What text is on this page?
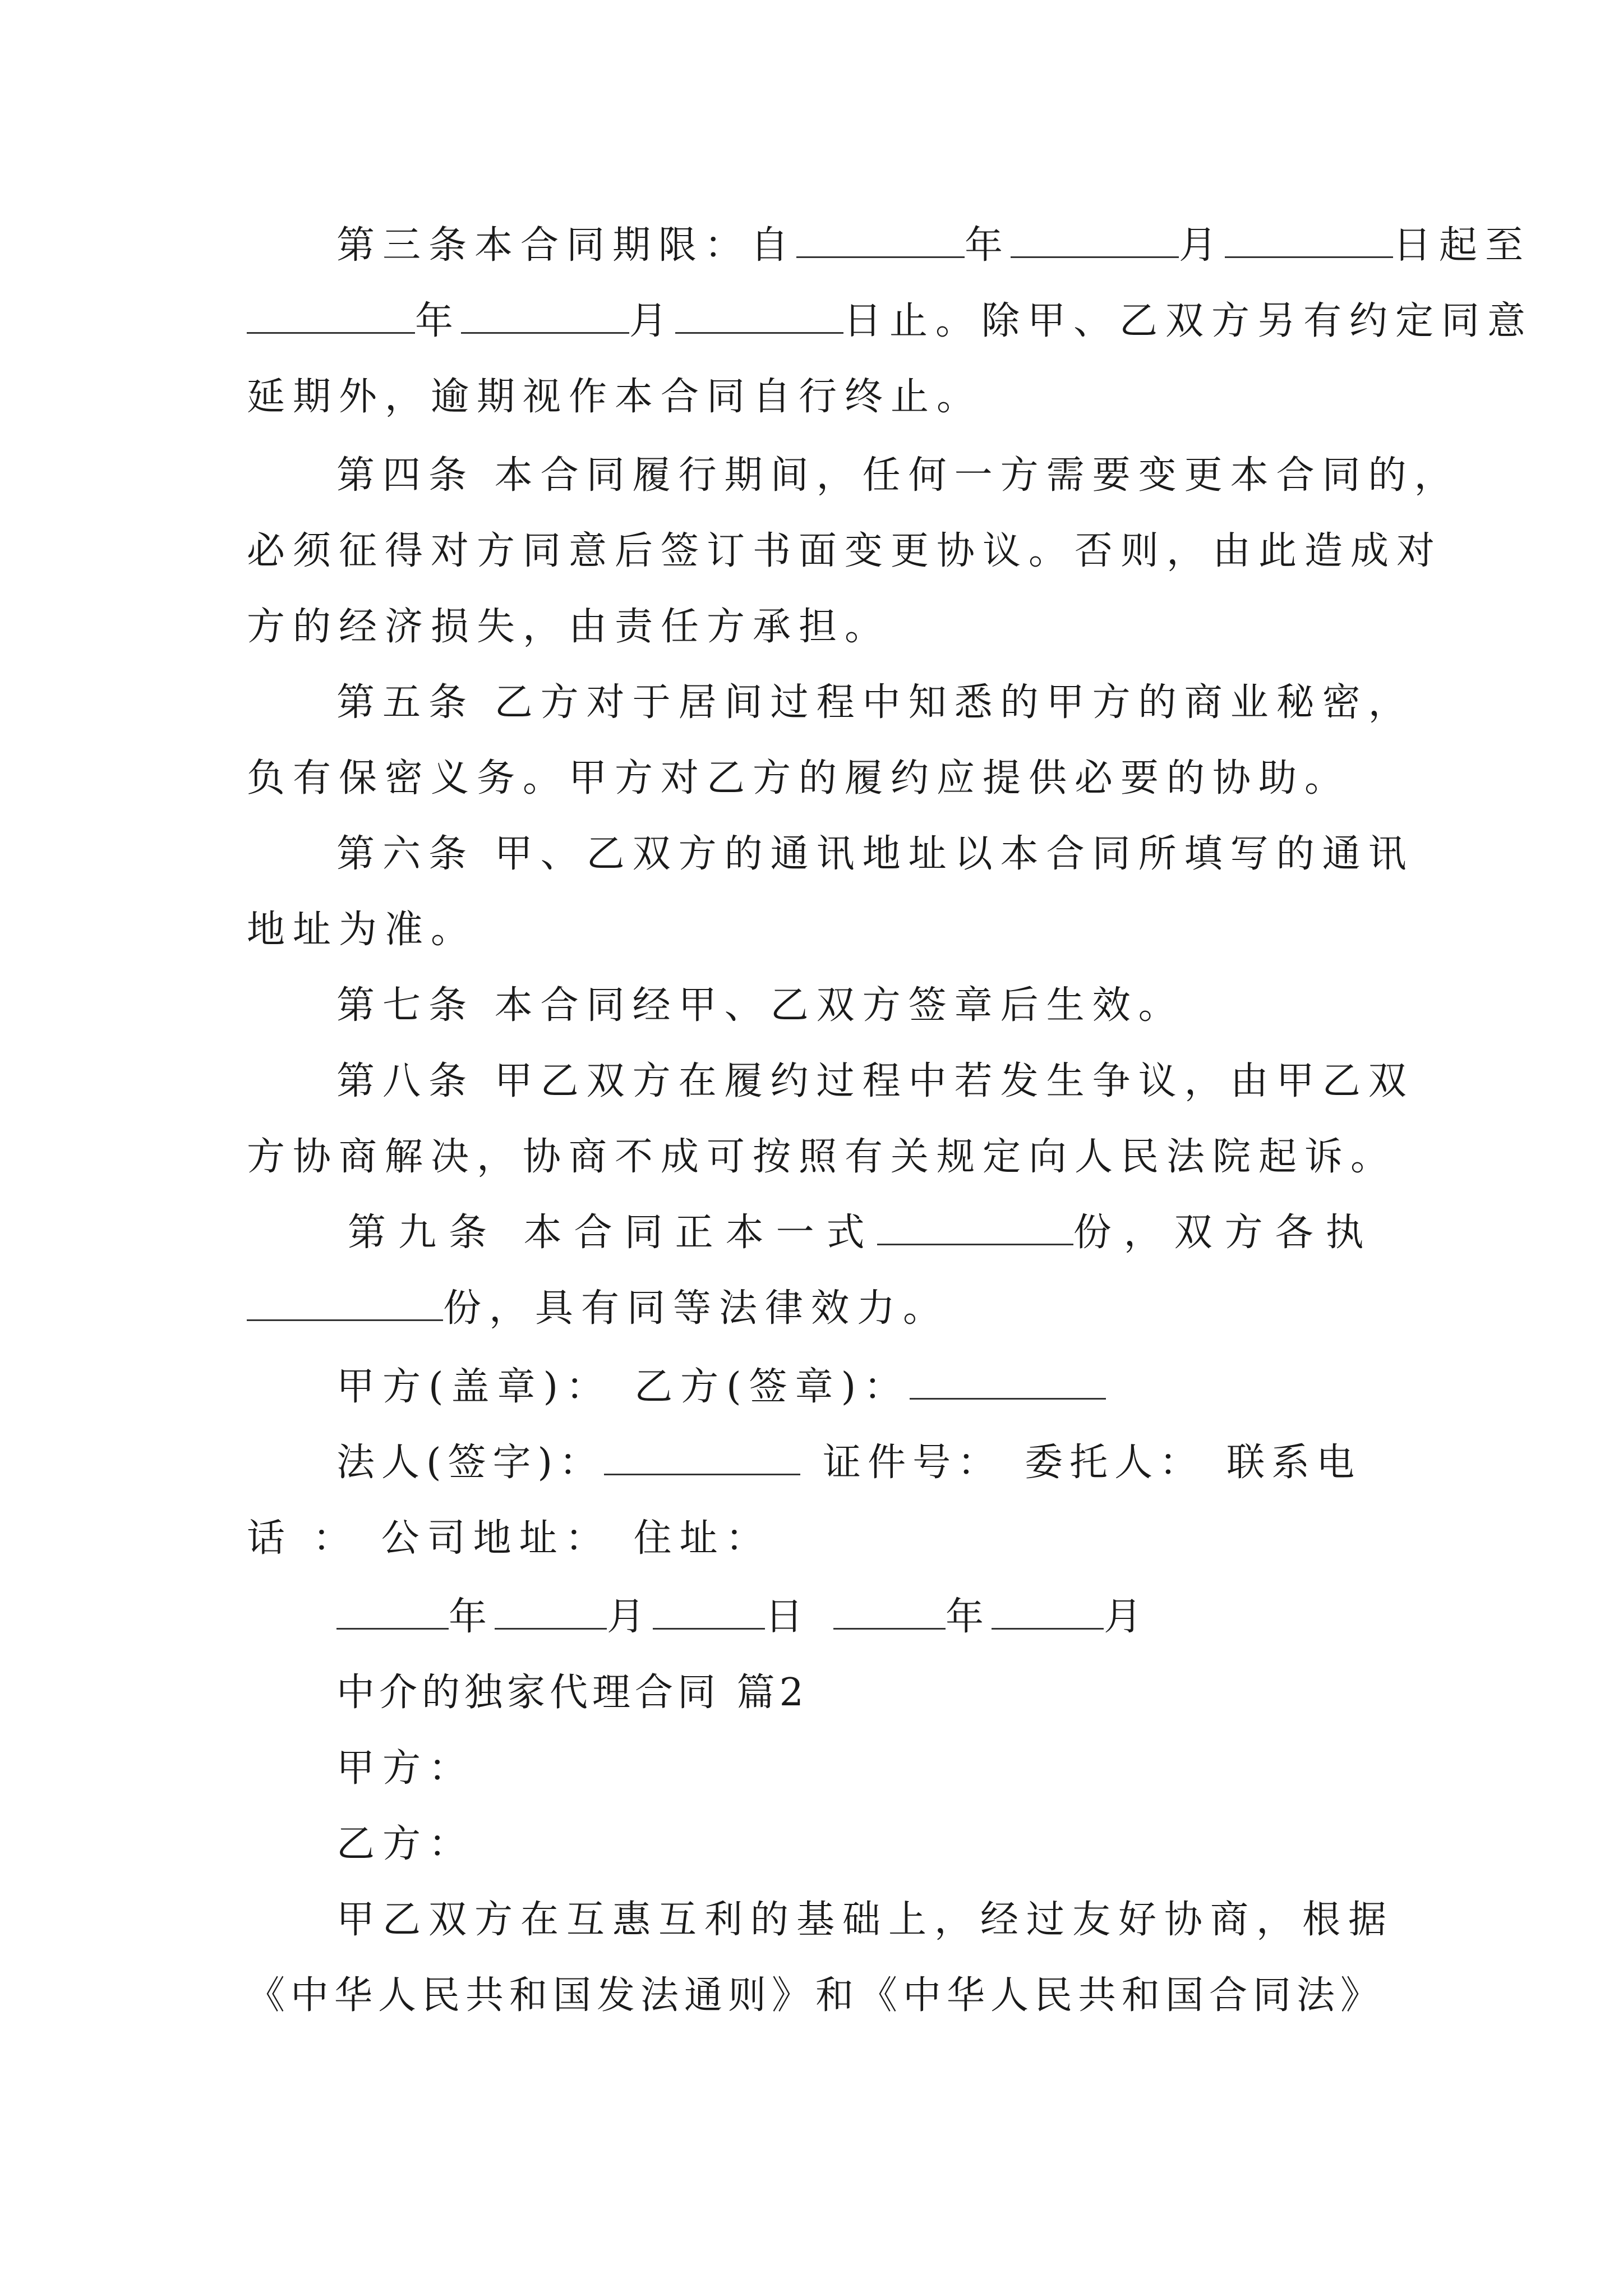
第三条本合同期限：自	年	月	日起至
年	月	日止。除甲、乙双方另有约定同意
延期外，逾期视作本合同自行终止。
第四条 本合同履行期间，任何一方需要变更本合同的，
必须征得对方同意后签订书面变更协议。否则，由此造成对
方的经济损失，由责任方承担。
第五条 乙方对于居间过程中知悉的甲方的商业秘密，
负有保密义务。甲方对乙方的履约应提供必要的协助。
第六条 甲、乙双方的通讯地址以本合同所填写的通讯
地址为准。
第七条 本合同经甲、乙双方签章后生效。
第八条 甲乙双方在履约过程中若发生争议，由甲乙双
方协商解决，协商不成可按照有关规定向人民法院起诉。
第九条 本合同正本一式	份，双方各执
份，具有同等法律效力。
甲方(盖章)： 乙方(签章)：
法人(签字)：	证件号： 委托人： 联系电
话 ： 公司地址： 住址：
年	月	日	年	月
中介的独家代理合同 篇2
甲方：
乙方：
甲乙双方在互惠互利的基础上，经过友好协商，根据
《中华人民共和国发法通则》和《中华人民共和国合同法》
